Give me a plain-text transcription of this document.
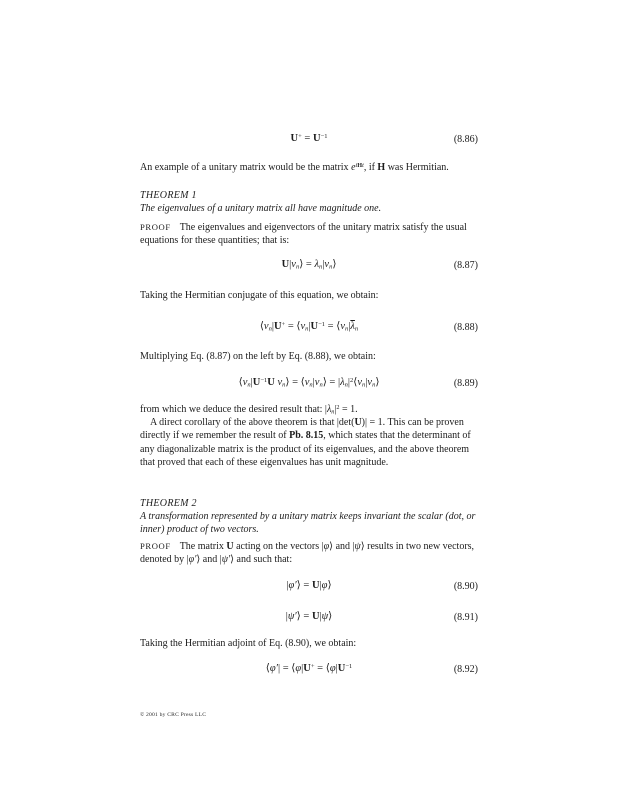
$U^+ = U^{-1}$	(8.86)
An example of a unitary matrix would be the matrix $e^{iHt}$, if H was Hermitian.
THEOREM 1
The eigenvalues of a unitary matrix all have magnitude one.
PROOF The eigenvalues and eigenvectors of the unitary matrix satisfy the usual equations for these quantities; that is:
U|vn⟩ = λn|vn⟩	(8.87)
Taking the Hermitian conjugate of this equation, we obtain:
⟨vn|U+ = $⟨vn|U^{-1}$ = $⟨vn|\overline{\lambda}n$	(8.88)
Multiplying Eq. (8.87) on the left by Eq. (8.88), we obtain:
$⟨vn|U^{-1}U$ vn⟩ = ⟨vn|vn⟩ = $|\lambda n|^2⟨vn|vn⟩$	(8.89)
from which we deduce the desired result that: $|\lambda n|^2 = 1$.
 A direct corollary of the above theorem is that |det(U)| = 1. This can be proven directly if we remember the result of Pb. 8.15, which states that the determinant of any diagonalizable matrix is the product of its eigenvalues, and the above theorem that proved that each of these eigenvalues has unit magnitude.
THEOREM 2
A transformation represented by a unitary matrix keeps invariant the scalar (dot, or inner) product of two vectors.
PROOF The matrix U acting on the vectors |φ⟩ and |ψ⟩ results in two new vectors, denoted by |φ′⟩ and |ψ′⟩ and such that:
|φ′⟩ = U|φ⟩	(8.90)
|ψ′⟩ = U|ψ⟩	(8.91)
Taking the Hermitian adjoint of Eq. (8.90), we obtain:
⟨φ′| = ⟨φ|U+ = $⟨\varphi|U^{-1}$	(8.92)
© 2001 by CRC Press LLC
